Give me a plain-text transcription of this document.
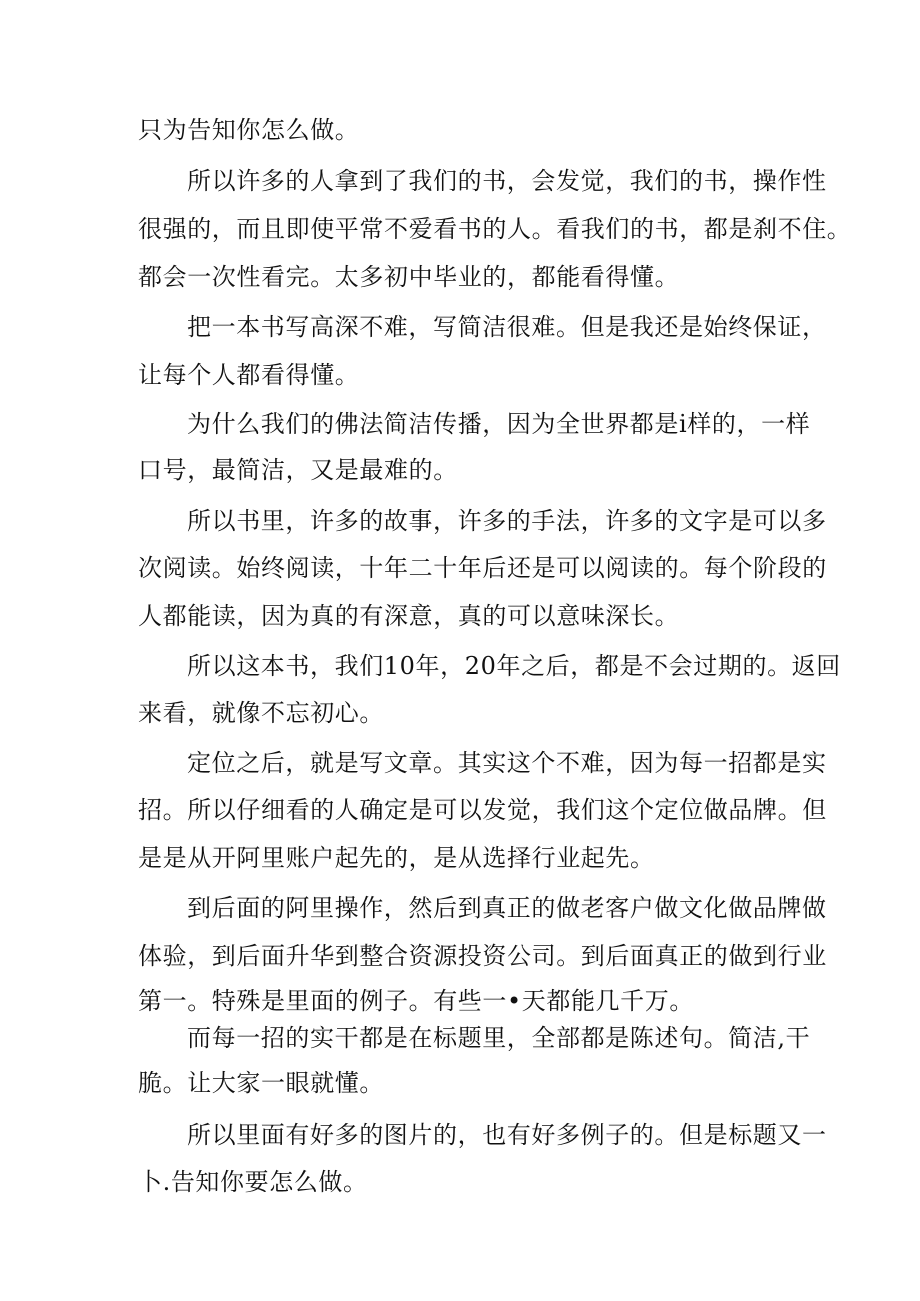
只为告知你怎么做。
所以许多的人拿到了我们的书，会发觉，我们的书，操作性
很强的，而且即使平常不爱看书的人。看我们的书，都是刹不住。
都会一次性看完。太多初中毕业的，都能看得懂。
把一本书写高深不难，写简洁很难。但是我还是始终保证，
让每个人都看得懂。
为什么我们的佛法简洁传播，因为全世界都是i样的，一样
口号，最简洁，又是最难的。
所以书里，许多的故事，许多的手法，许多的文字是可以多
次阅读。始终阅读，十年二十年后还是可以阅读的。每个阶段的
人都能读，因为真的有深意，真的可以意味深长。
所以这本书，我们10年，20年之后，都是不会过期的。返回
来看，就像不忘初心。
定位之后，就是写文章。其实这个不难，因为每一招都是实
招。所以仔细看的人确定是可以发觉，我们这个定位做品牌。但
是是从开阿里账户起先的，是从选择行业起先。
到后面的阿里操作，然后到真正的做老客户做文化做品牌做
体验，到后面升华到整合资源投资公司。到后面真正的做到行业
第一。特殊是里面的例子。有些一•天都能几千万。
而每一招的实干都是在标题里，全部都是陈述句。简洁,干
脆。让大家一眼就懂。
所以里面有好多的图片的，也有好多例子的。但是标题又一
卜.告知你要怎么做。
